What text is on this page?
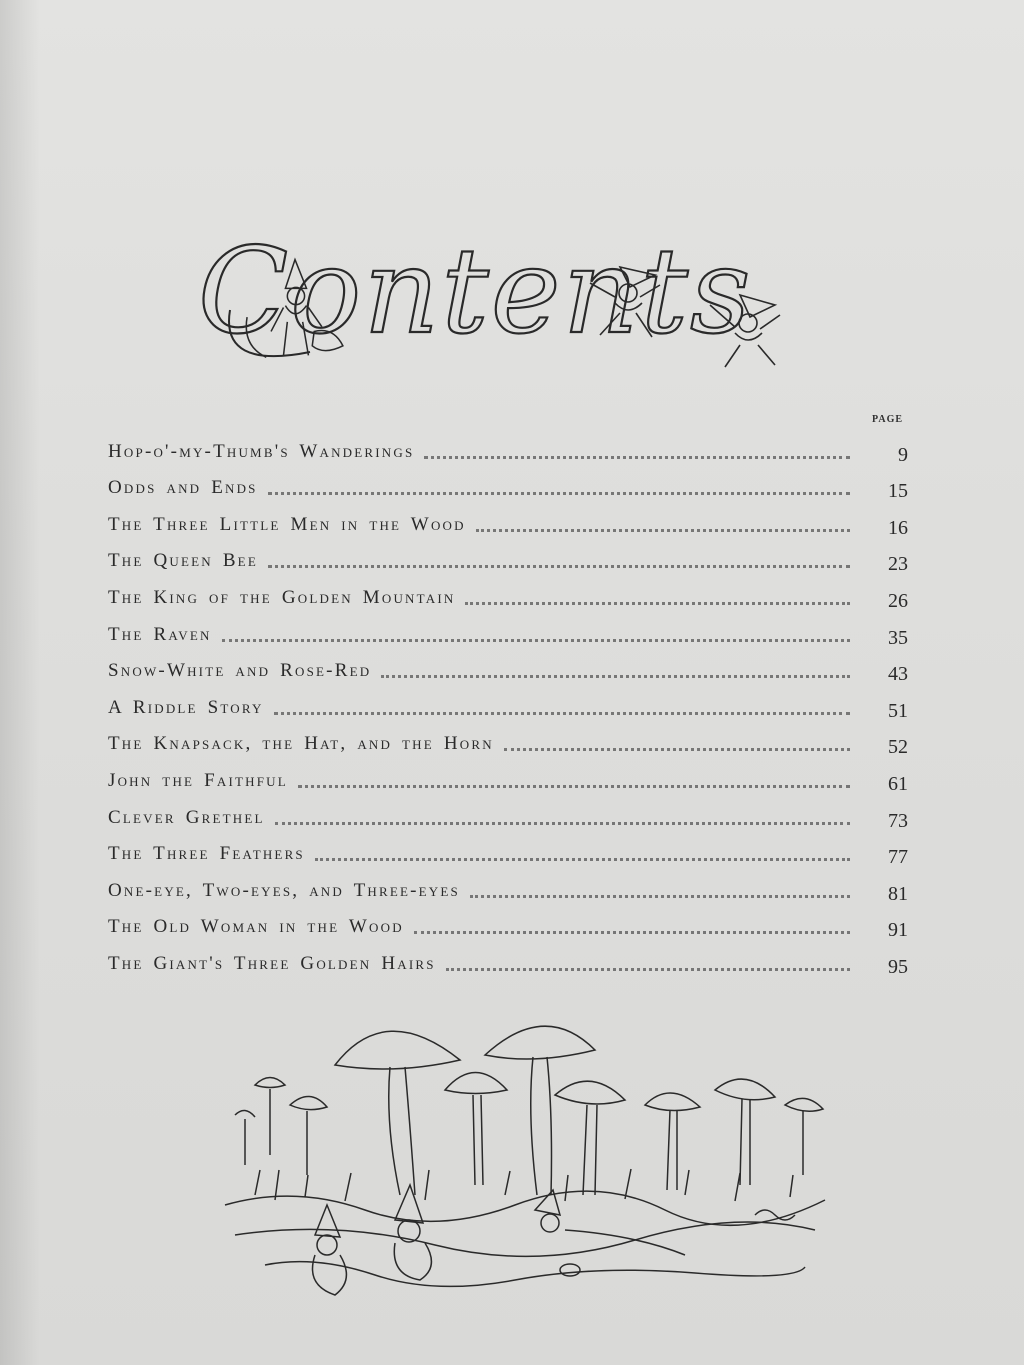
Contents
PAGE
Hop-o'-my-Thumb's Wanderings	9
Odds and Ends	15
The Three Little Men in the Wood	16
The Queen Bee	23
The King of the Golden Mountain	26
The Raven	35
Snow-White and Rose-Red	43
A Riddle Story	51
The Knapsack, the Hat, and the Horn	52
John the Faithful	61
Clever Grethel	73
The Three Feathers	77
One-eye, Two-eyes, and Three-eyes	81
The Old Woman in the Wood	91
The Giant's Three Golden Hairs	95
